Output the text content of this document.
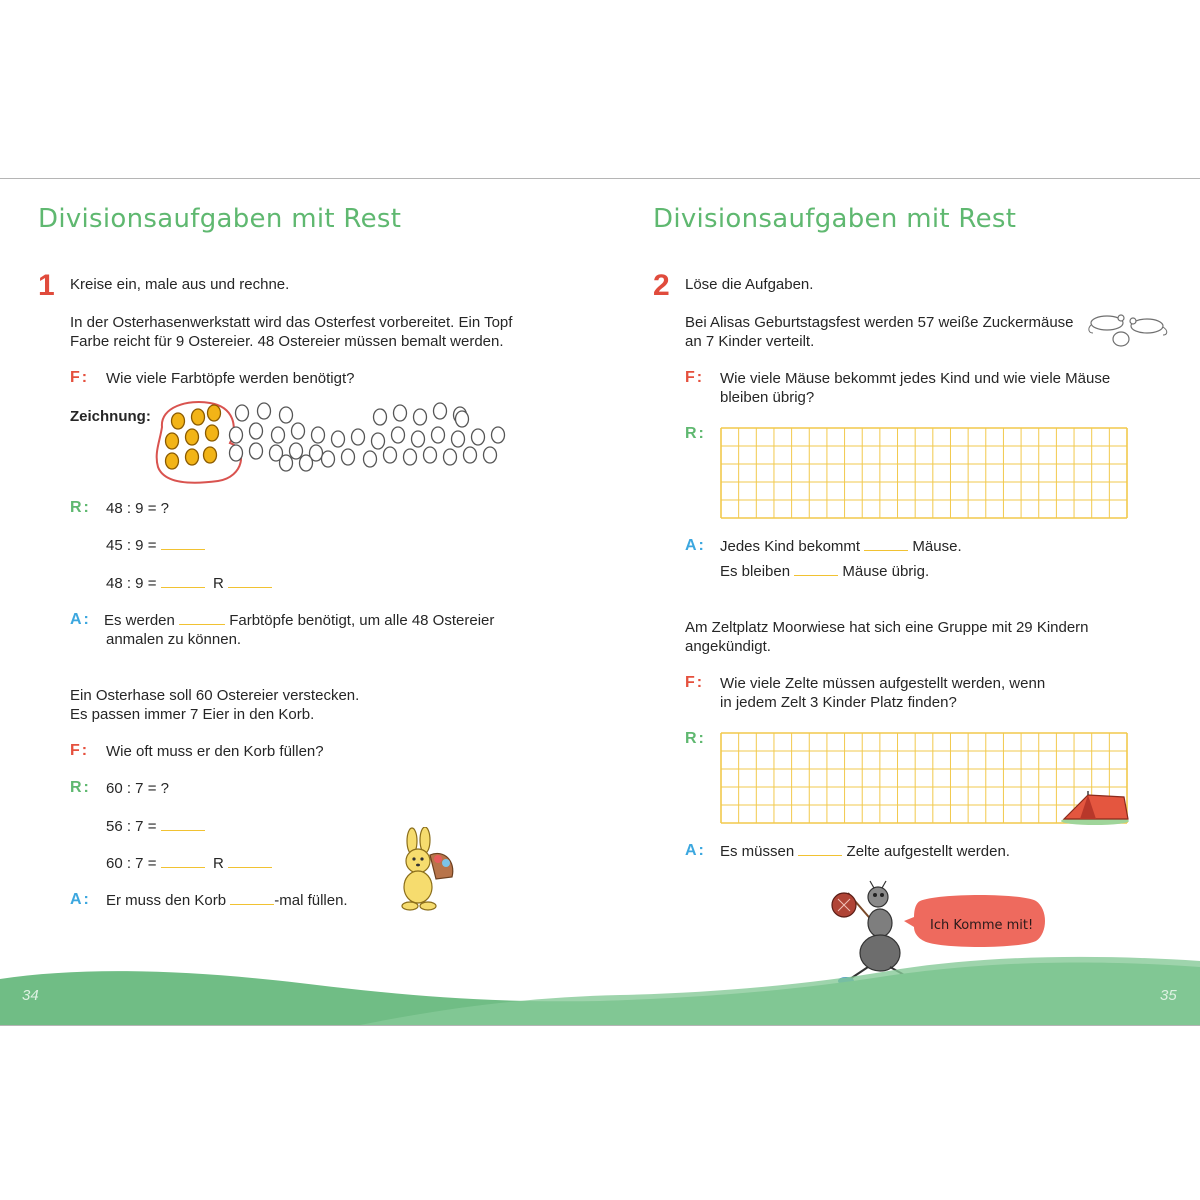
Divisionsaufgaben mit Rest
1 Kreise ein, male aus und rechne.
In der Osterhasenwerkstatt wird das Osterfest vorbereitet. Ein Topf
Farbe reicht für 9 Ostereier. 48 Ostereier müssen bemalt werden.
F: Wie viele Farbtöpfe werden benötigt?
Zeichnung:
R: 48 : 9 = ?
45 : 9 =
48 : 9 =	R
A: Es werden	Farbtöpfe benötigt, um alle 48 Ostereier
anmalen zu können.
Ein Osterhase soll 60 Ostereier verstecken.
Es passen immer 7 Eier in den Korb.
F: Wie oft muss er den Korb füllen?
R: 60 : 7 = ?
56 : 7 =
60 : 7 =	R
A: Er muss den Korb	-mal füllen.
Divisionsaufgaben mit Rest
2 Löse die Aufgaben.
Bei Alisas Geburtstagsfest werden 57 weiße Zuckermäuse
an 7 Kinder verteilt.
F: Wie viele Mäuse bekommt jedes Kind und wie viele Mäuse
bleiben übrig?
R:
A: Jedes Kind bekommt	Mäuse.
Es bleiben	Mäuse übrig.
Am Zeltplatz Moorwiese hat sich eine Gruppe mit 29 Kindern
angekündigt.
F: Wie viele Zelte müssen aufgestellt werden, wenn
in jedem Zelt 3 Kinder Platz finden?
R:
A: Es müssen	Zelte aufgestellt werden.
Ich Komme mit!
34	35
